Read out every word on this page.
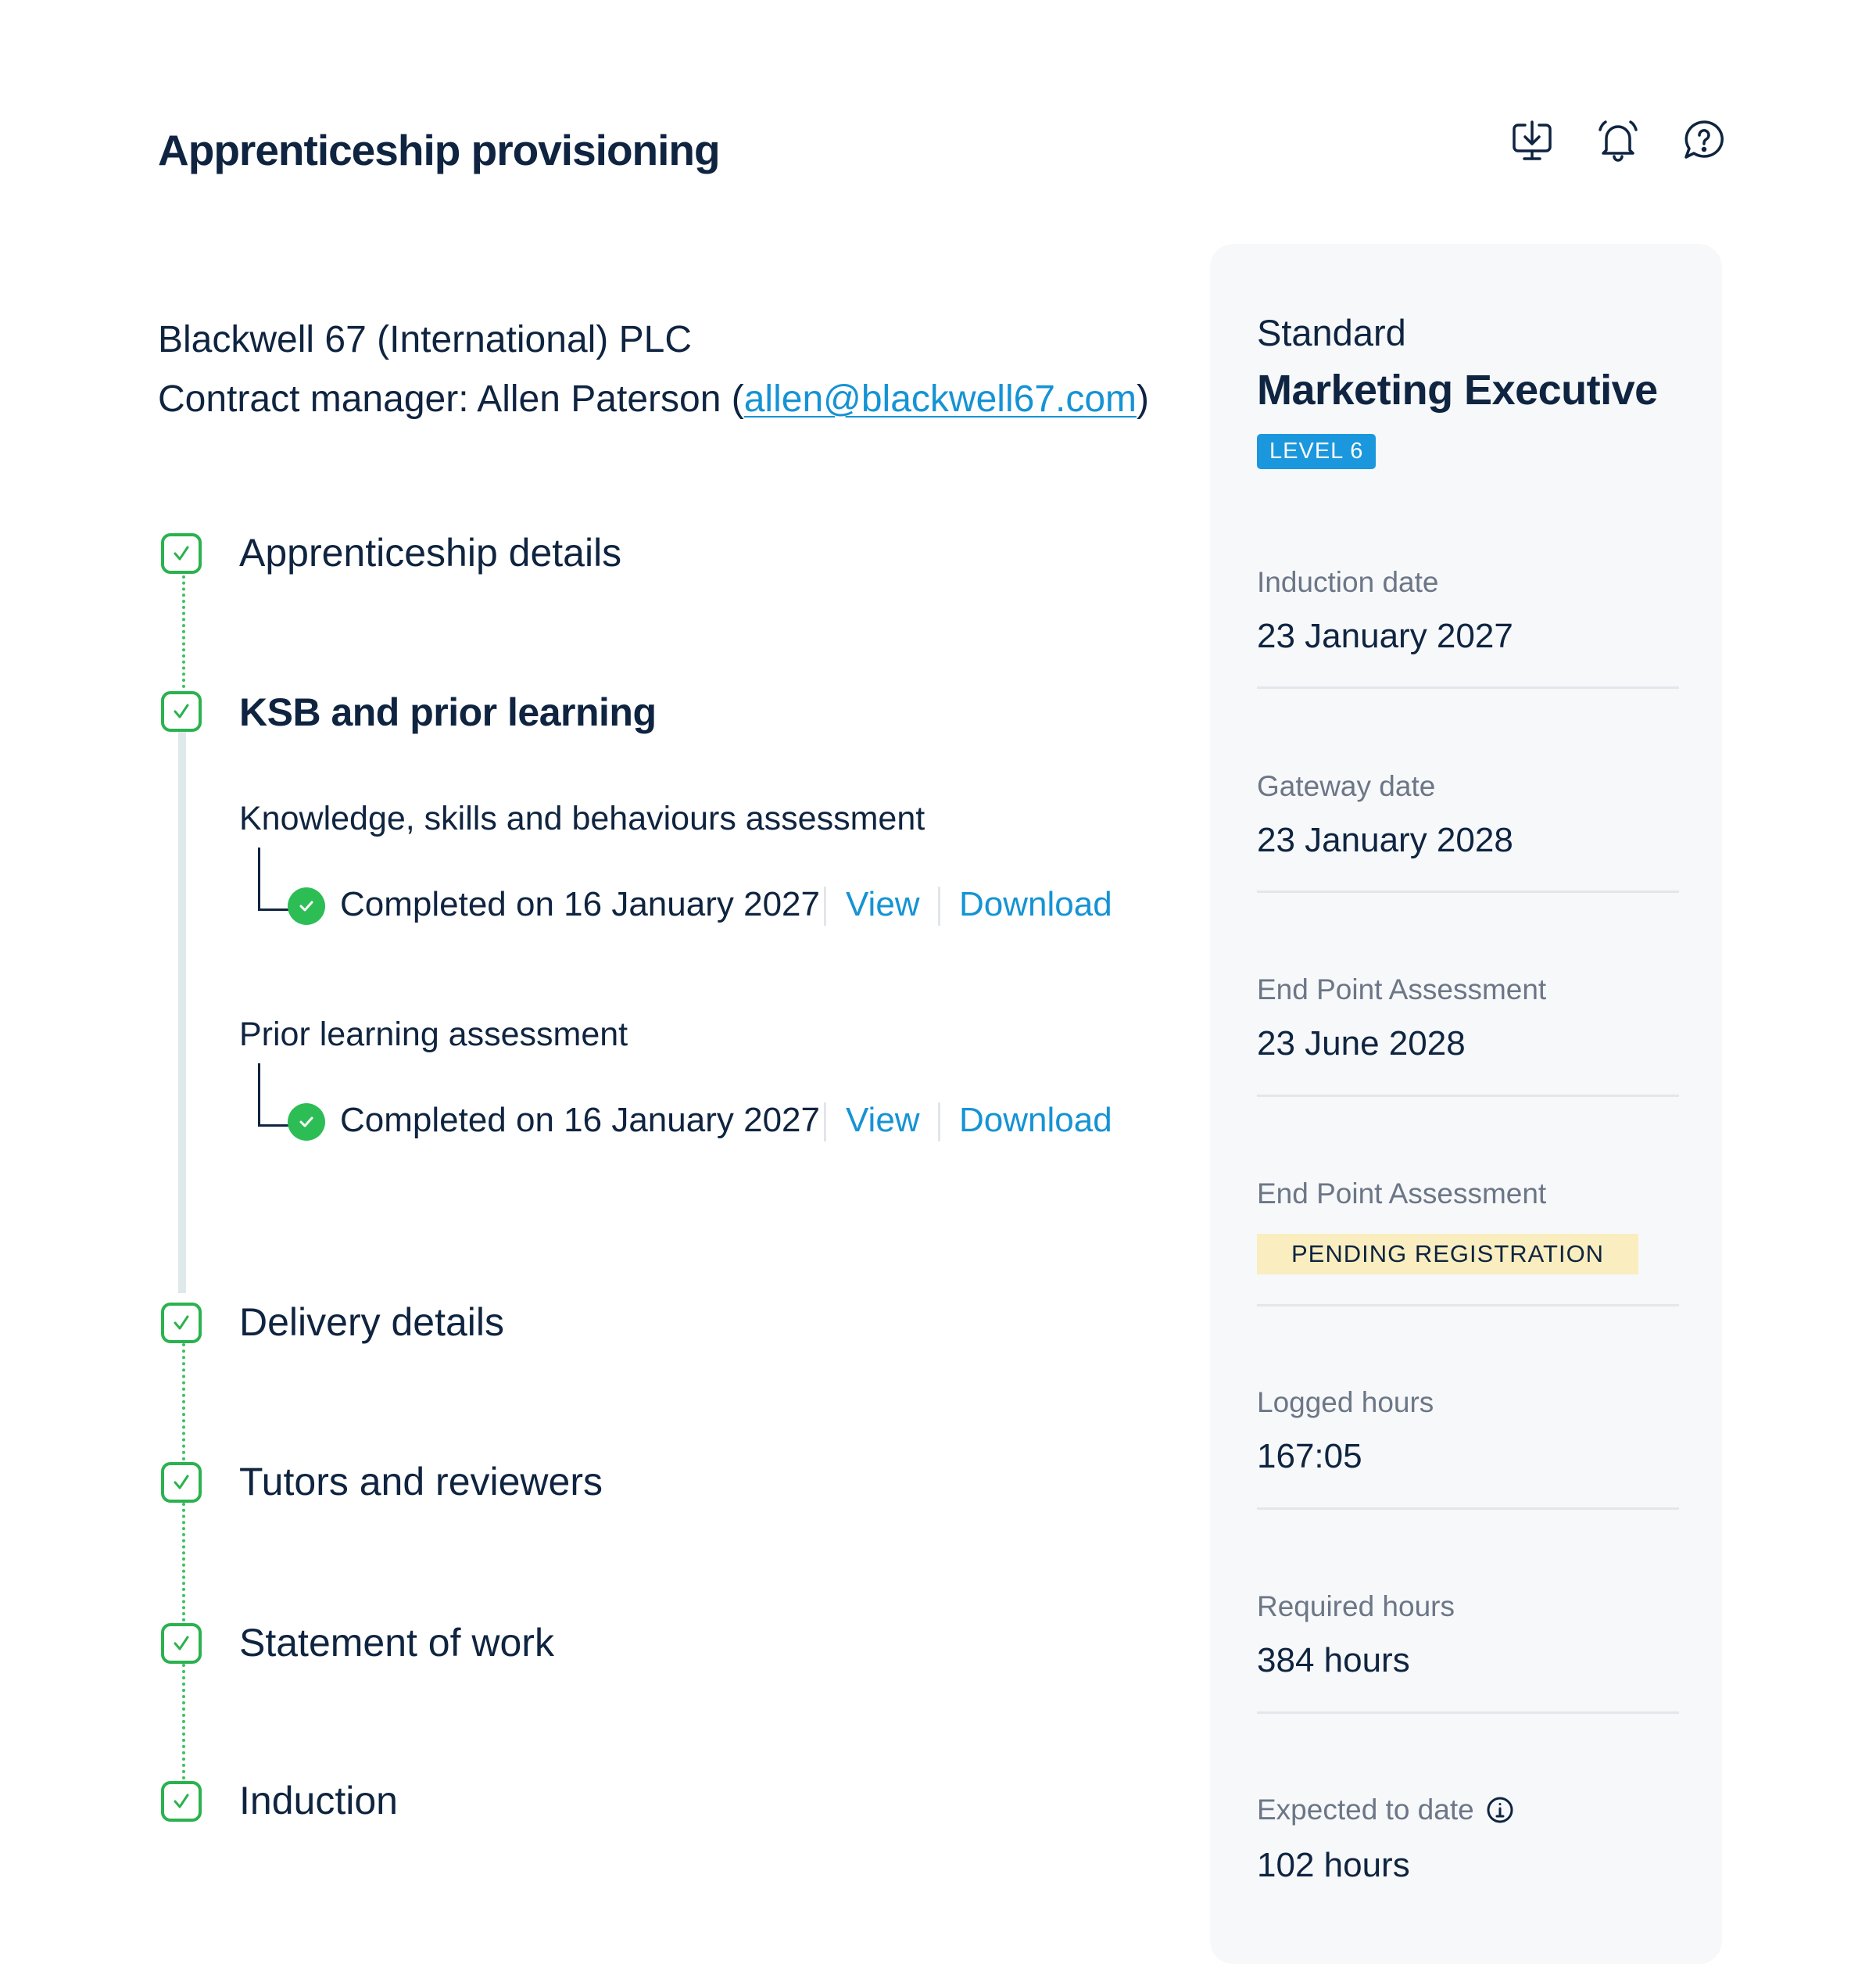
Apprenticeship provisioning
Blackwell 67 (International) PLC
Contract manager: Allen Paterson (allen@blackwell67.com)
Apprenticeship details
KSB and prior learning
Knowledge, skills and behaviours assessment
Completed on 16 January 2027 View Download
Prior learning assessment
Completed on 16 January 2027 View Download
Delivery details
Tutors and reviewers
Statement of work
Induction
Standard
Marketing Executive
LEVEL 6
Induction date
23 January 2027
Gateway date
23 January 2028
End Point Assessment
23 June 2028
End Point Assessment
PENDING REGISTRATION
Logged hours
167:05
Required hours
384 hours
Expected to date
102 hours
